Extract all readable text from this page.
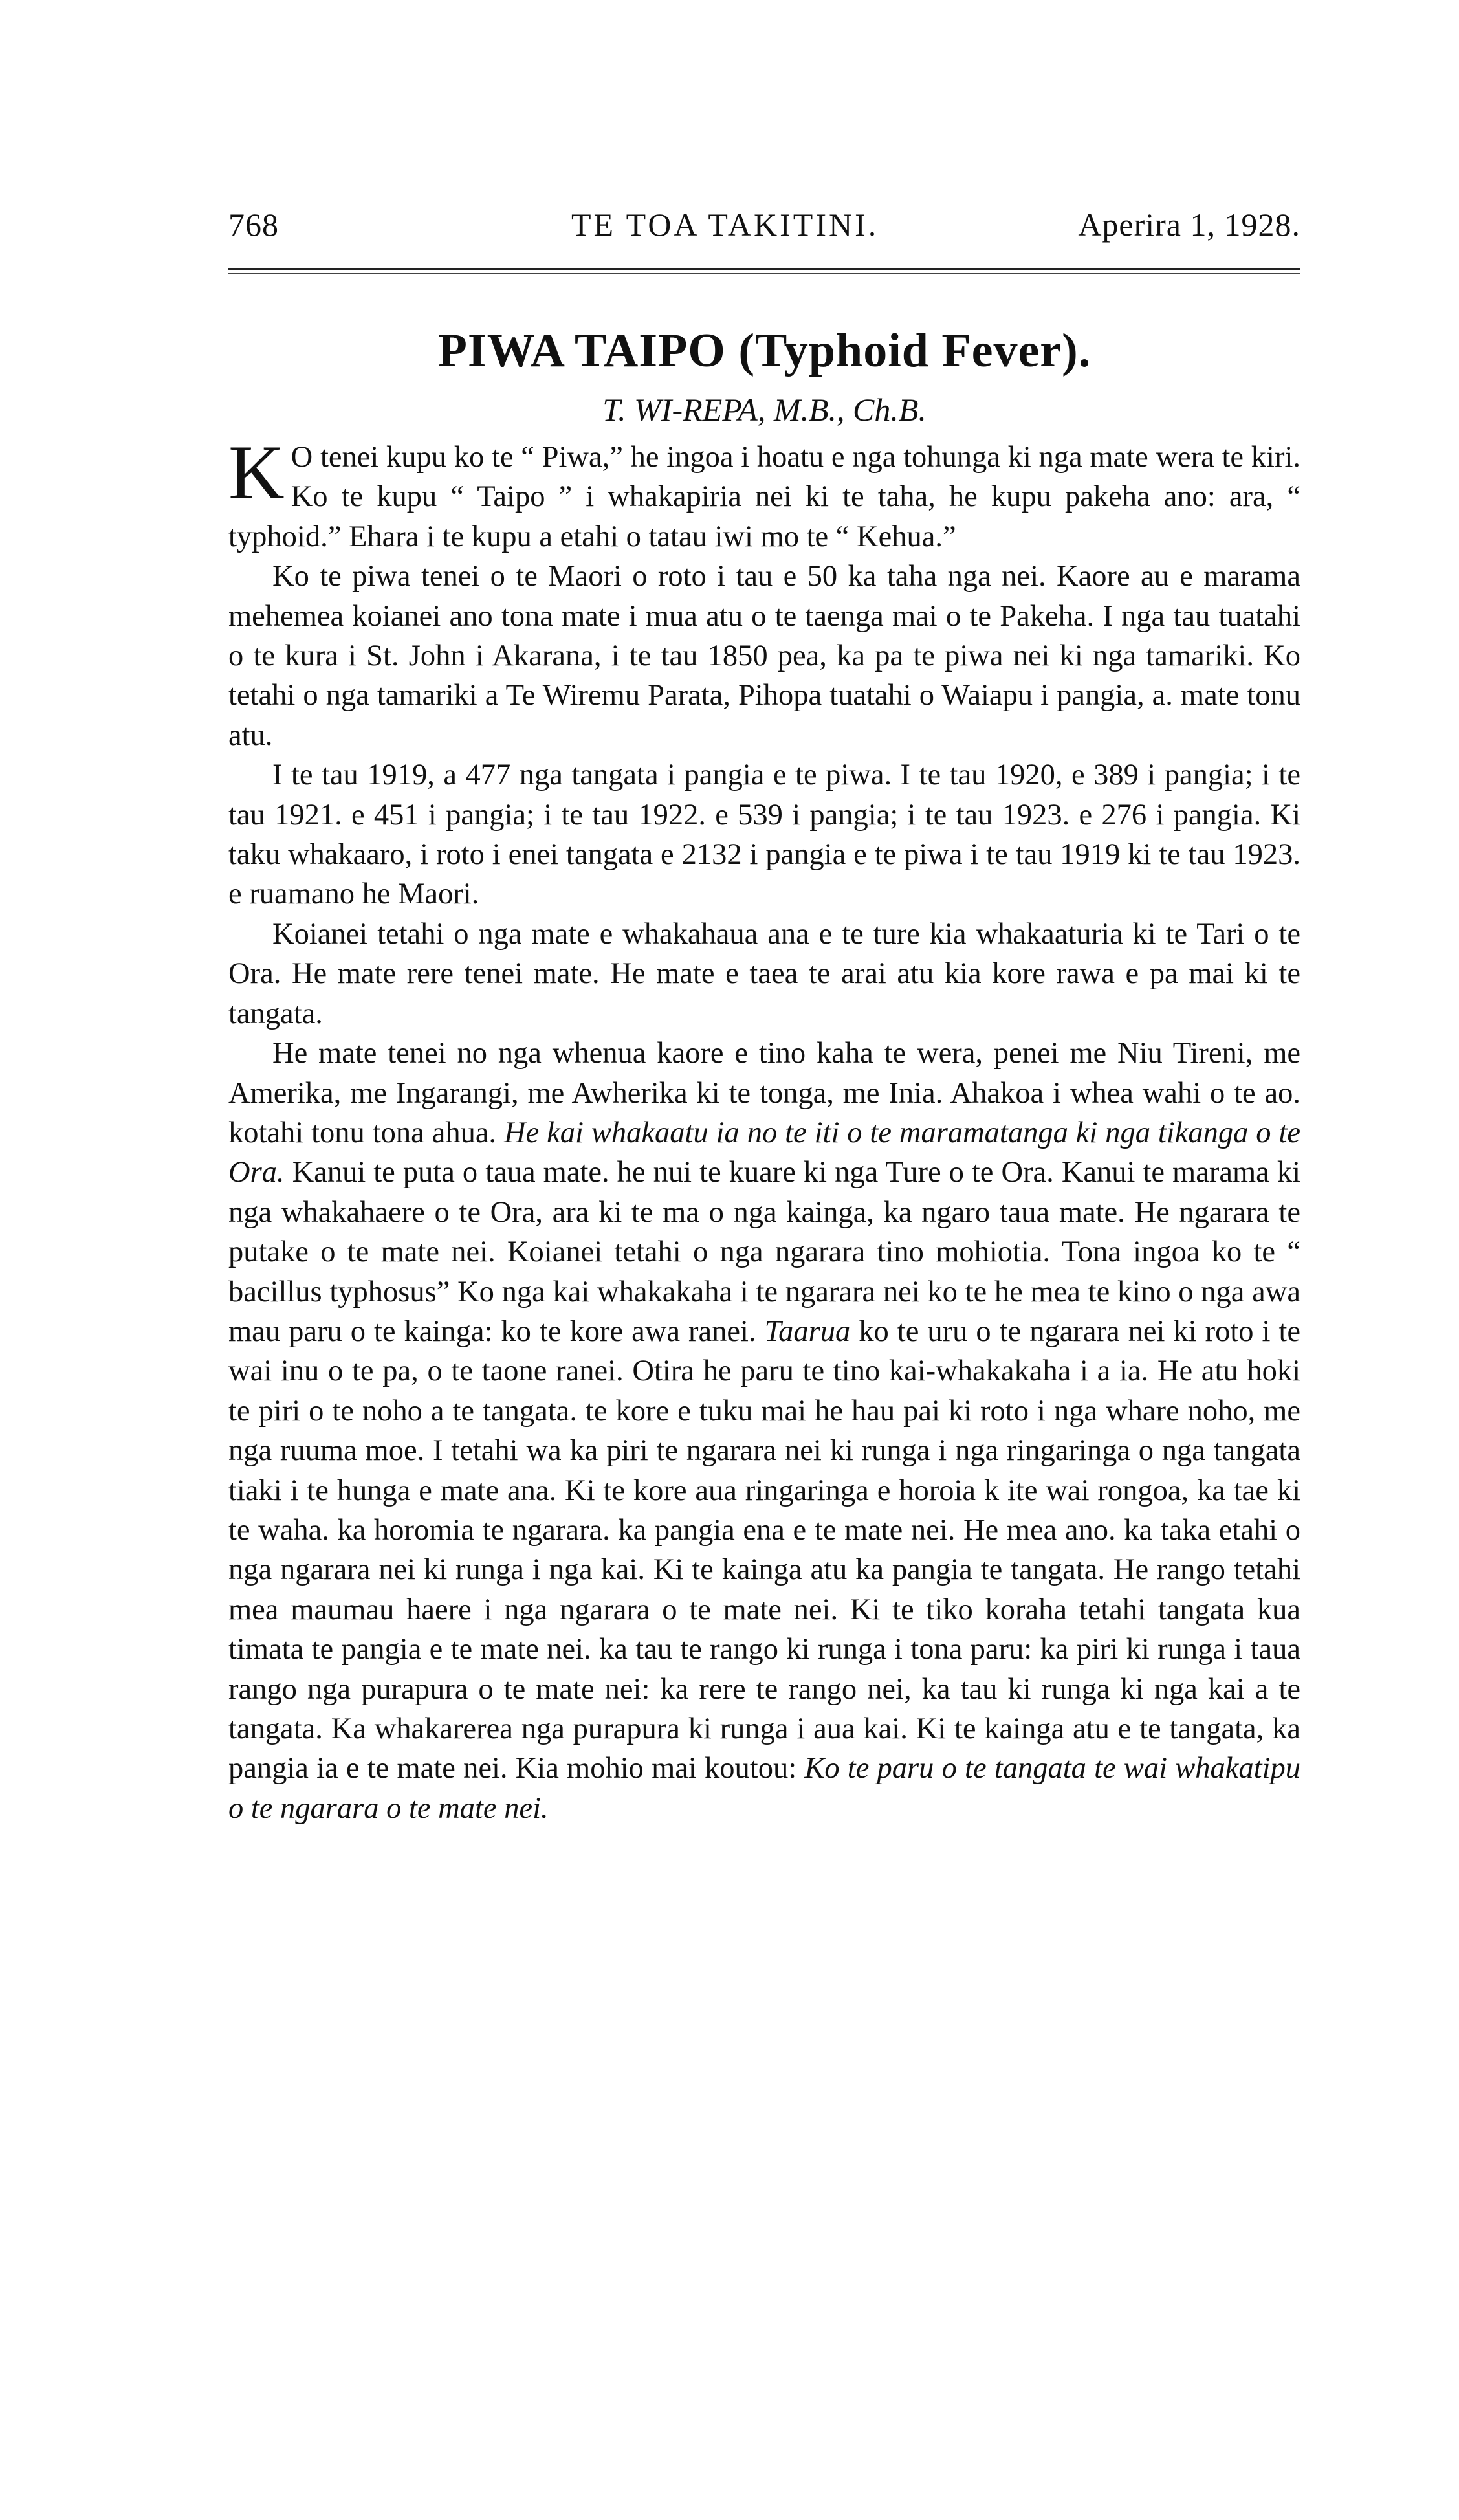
768	TE TOA TAKITINI.	Aperira 1, 1928.
PIWA TAIPO (Typhoid Fever).
T. WI-REPA, M.B., Ch.B.

K O tenei kupu ko te “ Piwa,” he ingoa i hoatu e nga tohunga ki nga mate wera te kiri. Ko te kupu “ Taipo ” i whakapiria nei ki te taha, he kupu pakeha ano: ara, “ typhoid.” Ehara i te kupu a etahi o tatau iwi mo te “ Kehua.”

Ko te piwa tenei o te Maori o roto i tau e 50 ka taha nga nei. Kaore au e marama mehemea koianei ano tona mate i mua atu o te taenga mai o te Pakeha. I nga tau tuatahi o te kura i St. John i Akarana, i te tau 1850 pea, ka pa te piwa nei ki nga tamariki. Ko tetahi o nga tamariki a Te Wiremu Parata, Pihopa tuatahi o Waiapu i pangia, a. mate tonu atu.

I te tau 1919, a 477 nga tangata i pangia e te piwa. I te tau 1920, e 389 i pangia; i te tau 1921. e 451 i pangia; i te tau 1922. e 539 i pangia; i te tau 1923. e 276 i pangia. Ki taku whakaaro, i roto i enei tangata e 2132 i pangia e te piwa i te tau 1919 ki te tau 1923. e ruamano he Maori.

Koianei tetahi o nga mate e whakahaua ana e te ture kia whakaaturia ki te Tari o te Ora. He mate rere tenei mate. He mate e taea te arai atu kia kore rawa e pa mai ki te tangata.

He mate tenei no nga whenua kaore e tino kaha te wera, penei me Niu Tireni, me Amerika, me Ingarangi, me Awherika ki te tonga, me Inia. Ahakoa i whea wahi o te ao. kotahi tonu tona ahua. He kai whakaatu ia no te iti o te maramatanga ki nga tikanga o te Ora. Kanui te puta o taua mate. he nui te kuare ki nga Ture o te Ora. Kanui te marama ki nga whakahaere o te Ora, ara ki te ma o nga kainga, ka ngaro taua mate. He ngarara te putake o te mate nei. Koianei tetahi o nga ngarara tino mohiotia. Tona ingoa ko te “ bacillus typhosus” Ko nga kai whakakaha i te ngarara nei ko te he mea te kino o nga awa mau paru o te kainga: ko te kore awa ranei. Taarua ko te uru o te ngarara nei ki roto i te wai inu o te pa, o te taone ranei. Otira he paru te tino kai-whakakaha i a ia. He atu hoki te piri o te noho a te tangata. te kore e tuku mai he hau pai ki roto i nga whare noho, me nga ruuma moe. I tetahi wa ka piri te ngarara nei ki runga i nga ringaringa o nga tangata tiaki i te hunga e mate ana. Ki te kore aua ringaringa e horoia k ite wai rongoa, ka tae ki te waha. ka horomia te ngarara. ka pangia ena e te mate nei. He mea ano. ka taka etahi o nga ngarara nei ki runga i nga kai. Ki te kainga atu ka pangia te tangata. He rango tetahi mea maumau haere i nga ngarara o te mate nei. Ki te tiko koraha tetahi tangata kua timata te pangia e te mate nei. ka tau te rango ki runga i tona paru: ka piri ki runga i taua rango nga purapura o te mate nei: ka rere te rango nei, ka tau ki runga ki nga kai a te tangata. Ka whakarerea nga purapura ki runga i aua kai. Ki te kainga atu e te tangata, ka pangia ia e te mate nei. Kia mohio mai koutou: Ko te paru o te tangata te wai whakatipu o te ngarara o te mate nei.
